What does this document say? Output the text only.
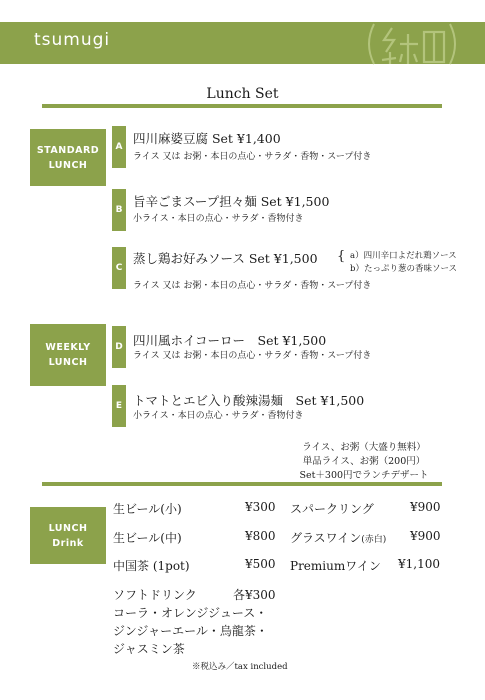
tsumugi
Lunch Set
STANDARD
LUNCH
A
四川麻婆豆腐 Set ¥1,400
ライス 又は お粥・本日の点心・サラダ・香物・スープ付き
B
旨辛ごまスープ担々麺 Set ¥1,500
小ライス・本日の点心・サラダ・香物付き
C
蒸し鶏お好みソース Set ¥1,500 { a）四川辛口よだれ鶏ソース
b）たっぷり葱の香味ソース
ライス 又は お粥・本日の点心・サラダ・香物・スープ付き
WEEKLY
LUNCH
D 四川風ホイコーロー　Set ¥1,500
ライス 又は お粥・本日の点心・サラダ・香物・スープ付き
E トマトとエビ入り酸辣湯麺　Set ¥1,500
小ライス・本日の点心・サラダ・香物付き
ライス、お粥（大盛り無料）
単品ライス、お粥（200円）
Set＋300円でランチデザート
LUNCH
Drink
生ビール(小)	¥300 スパークリング	¥900
生ビール(中)	¥800 グラスワイン(赤白) ¥900
中国茶 (1pot)	¥500 Premiumワイン ¥1,100
ソフトドリンク	各¥300
コーラ・オレンジジュース・
ジンジャーエール・烏龍茶・
ジャスミン茶
※税込み／tax included
